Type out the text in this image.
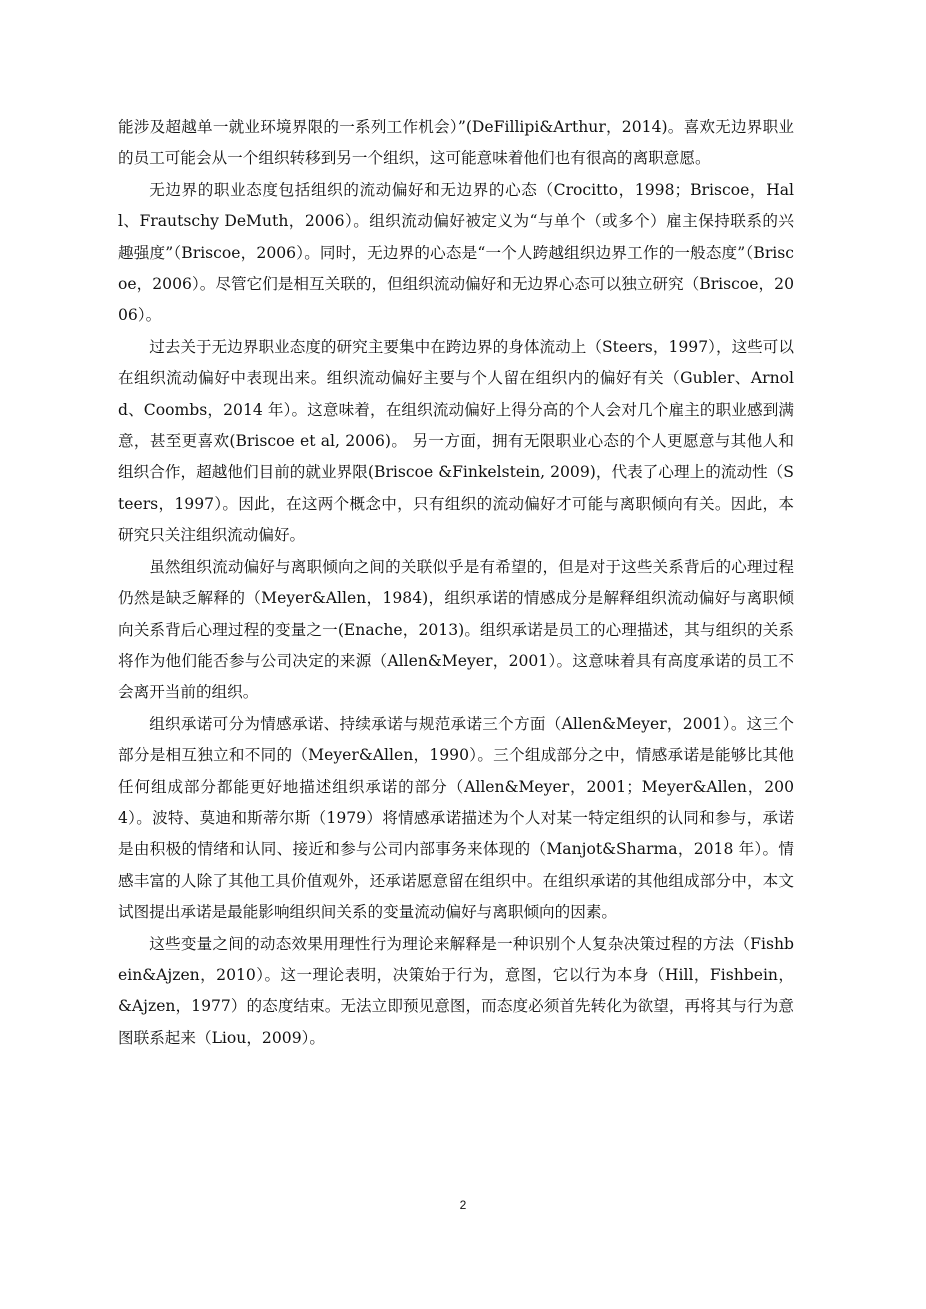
能涉及超越单一就业环境界限的一系列工作机会）”(DeFillipi&Arthur，2014)。喜欢无边界职业的员工可能会从一个组织转移到另一个组织，这可能意味着他们也有很高的离职意愿。

无边界的职业态度包括组织的流动偏好和无边界的心态（Crocitto，1998；Briscoe，Hall、Frautschy DeMuth，2006）。组织流动偏好被定义为“与单个（或多个）雇主保持联系的兴趣强度”（Briscoe，2006）。同时，无边界的心态是“一个人跨越组织边界工作的一般态度”（Briscoe，2006）。尽管它们是相互关联的，但组织流动偏好和无边界心态可以独立研究（Briscoe，2006）。

过去关于无边界职业态度的研究主要集中在跨边界的身体流动上（Steers，1997），这些可以在组织流动偏好中表现出来。组织流动偏好主要与个人留在组织内的偏好有关（Gubler、Arnold、Coombs，2014 年）。这意味着，在组织流动偏好上得分高的个人会对几个雇主的职业感到满意，甚至更喜欢(Briscoe et al, 2006)。 另一方面，拥有无限职业心态的个人更愿意与其他人和组织合作，超越他们目前的就业界限(Briscoe &Finkelstein, 2009)，代表了心理上的流动性（Steers，1997）。因此，在这两个概念中，只有组织的流动偏好才可能与离职倾向有关。因此，本研究只关注组织流动偏好。

虽然组织流动偏好与离职倾向之间的关联似乎是有希望的，但是对于这些关系背后的心理过程仍然是缺乏解释的（Meyer&Allen，1984)，组织承诺的情感成分是解释组织流动偏好与离职倾向关系背后心理过程的变量之一(Enache，2013)。组织承诺是员工的心理描述，其与组织的关系将作为他们能否参与公司决定的来源（Allen&Meyer，2001）。这意味着具有高度承诺的员工不会离开当前的组织。

组织承诺可分为情感承诺、持续承诺与规范承诺三个方面（Allen&Meyer，2001）。这三个部分是相互独立和不同的（Meyer&Allen，1990）。三个组成部分之中，情感承诺是能够比其他任何组成部分都能更好地描述组织承诺的部分（Allen&Meyer，2001；Meyer&Allen，2004）。波特、莫迪和斯蒂尔斯（1979）将情感承诺描述为个人对某一特定组织的认同和参与，承诺是由积极的情绪和认同、接近和参与公司内部事务来体现的（Manjot&Sharma，2018 年）。情感丰富的人除了其他工具价值观外，还承诺愿意留在组织中。在组织承诺的其他组成部分中，本文试图提出承诺是最能影响组织间关系的变量流动偏好与离职倾向的因素。

这些变量之间的动态效果用理性行为理论来解释是一种识别个人复杂决策过程的方法（Fishbein&Ajzen，2010）。这一理论表明，决策始于行为，意图，它以行为本身（Hill，Fishbein，&Ajzen，1977）的态度结束。无法立即预见意图，而态度必须首先转化为欲望，再将其与行为意图联系起来（Liou，2009）。

2
